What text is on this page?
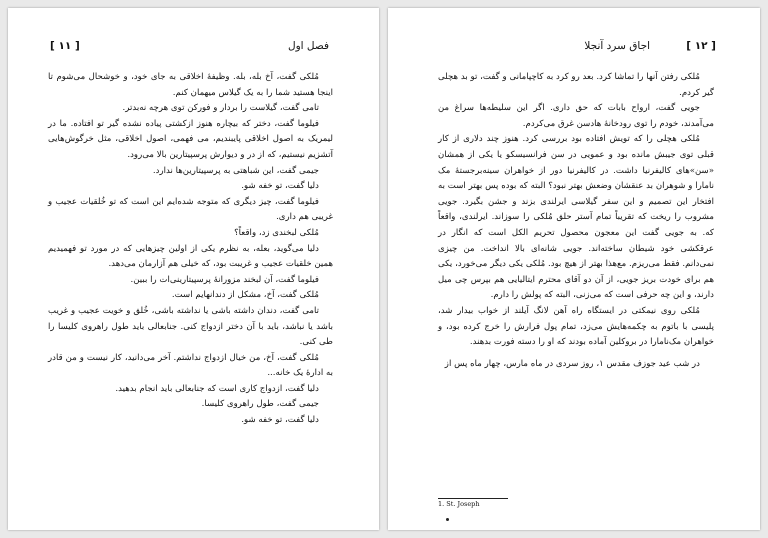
[ ۱۱ ]	فصل اول

مُلکی گفت، آخ بله، بله. وظیفهٔ اخلاقی به جای خود، و خوشحال می‌شوم تا اینجا هستید شما را به یک گیلاس میهمان کنم.

تامی گفت، گیلاست را بردار و فورکن توی هرچه نه‌بدتر.

فیلوما گفت، دختر که بیچاره هنوز ازکشتی پیاده نشده گیر تو افتاده. ما در لیمریک به اصول اخلاقی پایبندیم، می فهمی، اصول اخلاقی، مثل خرگوش‌هایی آتشزیم نیستیم، که از در و دیوارش پرسپیتارین بالا می‌رود.

جیمی گفت، این شباهتی به پرسپیتارین‌ها ندارد.

دلیا گفت، تو خفه شو.

فیلوما گفت، چیز دیگری که متوجه شده‌ایم این است که تو خُلقیات عجیب و غریبی هم داری.

مُلکی لبخندی زد، واقعاً؟

دلیا می‌گوید، بعله، به نظرم یکی از اولین چیزهایی که در مورد تو فهمیدیم همین خلقیات عجیب و غریبت بود، که خیلی هم آزارمان می‌دهد.

فیلوما گفت، آن لبخند مزورانهٔ پرسپیتارینی‌ات را ببین.

مُلکی گفت، آخ، مشکل از دندانهایم است.

تامی گفت، دندان داشته باشی یا نداشته باشی، خُلق و خویت عجیب و غریب باشد یا نباشد، باید با آن دختر ازدواج کنی. جنابعالی باید طول راهروی کلیسا را طی کنی.

مُلکی گفت، آخ، من خیال ازدواج نداشتم. آخر می‌دانید، کار نیست و من قادر به ادارهٔ یک خانه...

دلیا گفت، ازدواج کاری است که جنابعالی باید انجام بدهید.

جیمی گفت، طول راهروی کلیسا.

دلیا گفت، تو خفه شو.

[ ۱۲ ]
اجاق سرد آنجلا

مُلکی رفتن آنها را تماشا کرد. بعد رو کرد به کاچپامانی و گفت، تو بد هچلی گیر کردم.

جویی گفت، ارواح بابات که حق داری. اگر این سلیطه‌ها سراغ من می‌آمدند، خودم را توی رودخانهٔ هادسن غرق می‌کردم.

مُلکی هچلی را که تویش افتاده بود بررسی کرد. هنوز چند دلاری از کار قبلی توی جیبش مانده بود و عمویی در سن فرانسیسکو یا یکی از همشان «سن»‌های کالیفرنیا داشت. در کالیفرنیا دور از خواهران سینه‌برجستهٔ مک نامارا و شوهران بد عنقشان وضعش بهتر نبود؟ البته که بوده پس بهتر است به افتخار این تصمیم و این سفر گیلاسی ایرلندی بزند و جشن بگیرد. جویی مشروب را ریخت که تقریباً تمام آستر حلق مُلکی را سوزاند. ایرلندی، واقعاً که. به جویی گفت این معجون محصول تحریم الکل است که انگار در عرقکشی خود شیطان ساخته‌اند. جویی شانه‌ای بالا انداخت. من چیزی نمی‌دانم. فقط می‌ریزم. مع‌هذا بهتر از هیچ بود. مُلکی یکی دیگر می‌خورد، یکی هم برای خودت بریز جویی، از آن دو آقای محترم ایتالیایی هم بپرس چی میل دارند، و این چه حرفی است که می‌زنی، البته که پولش را دارم.

مُلکی روی نیمکتی در ایستگاه راه آهن لانگ آیلند از خواب بیدار شد، پلیسی با باتوم به چکمه‌هایش می‌زد، تمام پول فرارش را خرج کرده بود، و خواهران مک‌نامارا در بروکلین آماده بودند که او را دسته فورت بدهند.

در شب عید جوزف مقدس ۱، روز سردی در ماه مارس، چهار ماه پس از

1. St. Joseph
